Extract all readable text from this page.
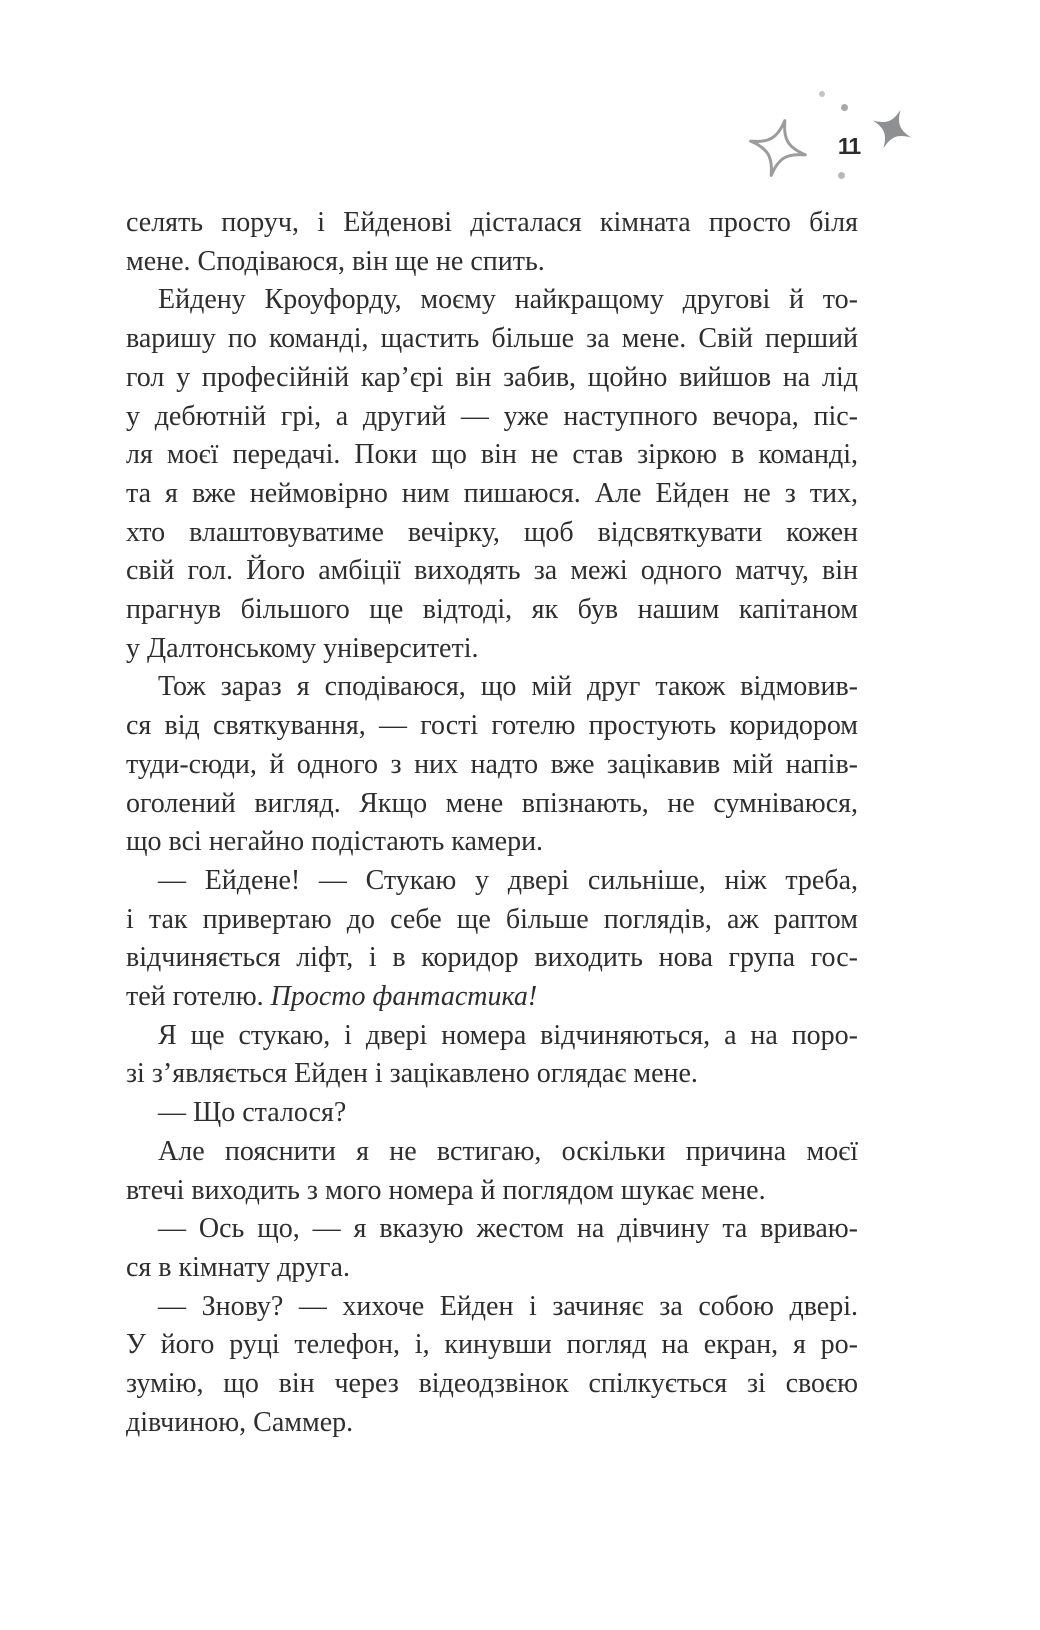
11
селять поруч, і Ейденові дісталася кімната просто біля
мене. Сподіваюся, він ще не спить.
Ейдену Кроуфорду, моєму найкращому другові й то-
варишу по команді, щастить більше за мене. Свій перший
гол у професійній кар’єрі він забив, щойно вийшов на лід
у дебютній грі, а другий — уже наступного вечора, піс-
ля моєї передачі. Поки що він не став зіркою в команді,
та я вже неймовірно ним пишаюся. Але Ейден не з тих,
хто влаштовуватиме вечірку, щоб відсвяткувати кожен
свій гол. Його амбіції виходять за межі одного матчу, він
прагнув більшого ще відтоді, як був нашим капітаном
у Далтонському університеті.
Тож зараз я сподіваюся, що мій друг також відмовив-
ся від святкування, — гості готелю простують коридором
туди-сюди, й одного з них надто вже зацікавив мій напів-
оголений вигляд. Якщо мене впізнають, не сумніваюся,
що всі негайно подістають камери.
— Ейдене! — Стукаю у двері сильніше, ніж треба,
і так привертаю до себе ще більше поглядів, аж раптом
відчиняється ліфт, і в коридор виходить нова група гос-
тей готелю. Просто фантастика!
Я ще стукаю, і двері номера відчиняються, а на поро-
зі з’являється Ейден і зацікавлено оглядає мене.
— Що сталося?
Але пояснити я не встигаю, оскільки причина моєї
втечі виходить з мого номера й поглядом шукає мене.
— Ось що, — я вказую жестом на дівчину та вриваю-
ся в кімнату друга.
— Знову? — хихоче Ейден і зачиняє за собою двері.
У його руці телефон, і, кинувши погляд на екран, я ро-
зумію, що він через відеодзвінок спілкується зі своєю
дівчиною, Саммер.
